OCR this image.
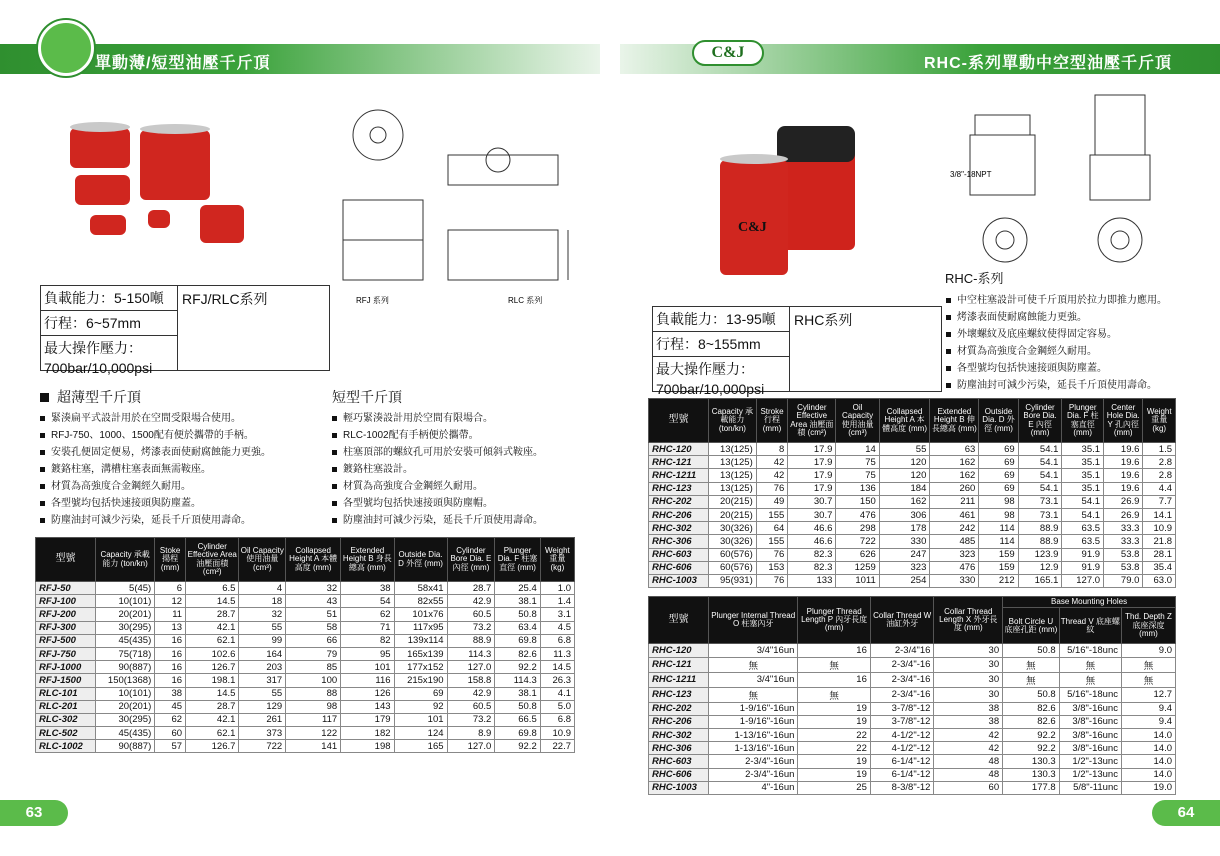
單動薄/短型油壓千斤頂
C&J
RHC-系列單動中空型油壓千斤頂
RFJ 系列	RLC 系列
負載能力：5-150噸
行程：6~57mm
最大操作壓力：
700bar/10,000psi
RFJ/RLC系列
超薄型千斤頂
緊湊扁平式設計用於在空間受限場合使用。
RFJ-750、1000、1500配有便於攜帶的手柄。
安裝孔便固定便易，烤漆表面使耐腐蝕能力更強。
鍍鉻柱塞，溝槽柱塞表面無需鞍座。
材質為高強度合金鋼經久耐用。
各型號均包括快速接頭與防塵蓋。
防塵油封可減少污染，延長千斤頂使用壽命。
短型千斤頂
輕巧緊湊設計用於空間有限場合。
RLC-1002配有手柄便於攜帶。
柱塞頂部的螺紋孔可用於安裝可傾斜式鞍座。
鍍鉻柱塞設計。
材質為高強度合金鋼經久耐用。
各型號均包括快速接頭與防塵帽。
防塵油封可減少污染，延長千斤頂使用壽命。
型號	Capacity 承載能力 (ton/kn)	Stoke 揚程 (mm)	Cylinder Effective Area 油壓面積 (cm²)	Oil Capacity 使用油量 (cm³)	Collapsed Height A 本體高度 (mm)	Extended Height B 身長總高 (mm)	Outside Dia. D 外徑 (mm)	Cylinder Bore Dia. E 內徑 (mm)	Plunger Dia. F 柱塞直徑 (mm)	Weight 重量 (kg)
RFJ-50	5(45)	6	6.5	4	32	38	58x41	28.7	25.4	1.0
RFJ-100	10(101)	12	14.5	18	43	54	82x55	42.9	38.1	1.4
RFJ-200	20(201)	11	28.7	32	51	62	101x76	60.5	50.8	3.1
RFJ-300	30(295)	13	42.1	55	58	71	117x95	73.2	63.4	4.5
RFJ-500	45(435)	16	62.1	99	66	82	139x114	88.9	69.8	6.8
RFJ-750	75(718)	16	102.6	164	79	95	165x139	114.3	82.6	11.3
RFJ-1000	90(887)	16	126.7	203	85	101	177x152	127.0	92.2	14.5
RFJ-1500	150(1368)	16	198.1	317	100	116	215x190	158.8	114.3	26.3
RLC-101	10(101)	38	14.5	55	88	126	69	42.9	38.1	4.1
RLC-201	20(201)	45	28.7	129	98	143	92	60.5	50.8	5.0
RLC-302	30(295)	62	42.1	261	117	179	101	73.2	66.5	6.8
RLC-502	45(435)	60	62.1	373	122	182	124	8.9	69.8	10.9
RLC-1002	90(887)	57	126.7	722	141	198	165	127.0	92.2	22.7
C&J
3/8"-18NPT
RHC-系列
負載能力：13-95噸
行程：8~155mm
最大操作壓力：
700bar/10,000psi
RHC系列
中空柱塞設計可使千斤頂用於拉力即推力應用。
烤漆表面使耐腐蝕能力更強。
外壞螺紋及底座螺紋使得固定容易。
材質為高強度合金鋼經久耐用。
各型號均包括快速接頭與防塵蓋。
防塵油封可減少污染，延長千斤頂使用壽命。
型號	Capacity 承載能力 (ton/kn)	Stroke 行程 (mm)	Cylinder Effective Area 油壓面積 (cm²)	Oil Capacity 使用油量 (cm³)	Collapsed Height A 本體高度 (mm)	Extended Height B 伸長總高 (mm)	Outside Dia. D 外徑 (mm)	Cylinder Bore Dia. E 內徑 (mm)	Plunger Dia. F 柱塞直徑 (mm)	Center Hole Dia. Y 孔內徑 (mm)	Weight 重量 (kg)
RHC-120	13(125)	8	17.9	14	55	63	69	54.1	35.1	19.6	1.5
RHC-121	13(125)	42	17.9	75	120	162	69	54.1	35.1	19.6	2.8
RHC-1211	13(125)	42	17.9	75	120	162	69	54.1	35.1	19.6	2.8
RHC-123	13(125)	76	17.9	136	184	260	69	54.1	35.1	19.6	4.4
RHC-202	20(215)	49	30.7	150	162	211	98	73.1	54.1	26.9	7.7
RHC-206	20(215)	155	30.7	476	306	461	98	73.1	54.1	26.9	14.1
RHC-302	30(326)	64	46.6	298	178	242	114	88.9	63.5	33.3	10.9
RHC-306	30(326)	155	46.6	722	330	485	114	88.9	63.5	33.3	21.8
RHC-603	60(576)	76	82.3	626	247	323	159	123.9	91.9	53.8	28.1
RHC-606	60(576)	153	82.3	1259	323	476	159	12.9	91.9	53.8	35.4
RHC-1003	95(931)	76	133	1011	254	330	212	165.1	127.0	79.0	63.0
型號	Plunger Internal Thread O 柱塞內牙	Plunger Thread Length P 內牙長度 (mm)	Collar Thread W 油缸外牙	Collar Thread Length X 外牙長度 (mm)	Base Mounting Holes		
					Bolt Circle U 底座孔距 (mm)	Thread V 底座螺紋	Thd. Depth Z 底座深度 (mm)
RHC-120	3/4"16un	16	2-3/4"16	30	50.8	5/16"-18unc	9.0
RHC-121	無	無	2-3/4"-16	30	無	無	無
RHC-1211	3/4"16un	16	2-3/4"-16	30	無	無	無
RHC-123	無	無	2-3/4"-16	30	50.8	5/16"-18unc	12.7
RHC-202	1-9/16"-16un	19	3-7/8"-12	38	82.6	3/8"-16unc	9.4
RHC-206	1-9/16"-16un	19	3-7/8"-12	38	82.6	3/8"-16unc	9.4
RHC-302	1-13/16"-16un	22	4-1/2"-12	42	92.2	3/8"-16unc	14.0
RHC-306	1-13/16"-16un	22	4-1/2"-12	42	92.2	3/8"-16unc	14.0
RHC-603	2-3/4"-16un	19	6-1/4"-12	48	130.3	1/2"-13unc	14.0
RHC-606	2-3/4"-16un	19	6-1/4"-12	48	130.3	1/2"-13unc	14.0
RHC-1003	4"-16un	25	8-3/8"-12	60	177.8	5/8"-11unc	19.0
63	64
